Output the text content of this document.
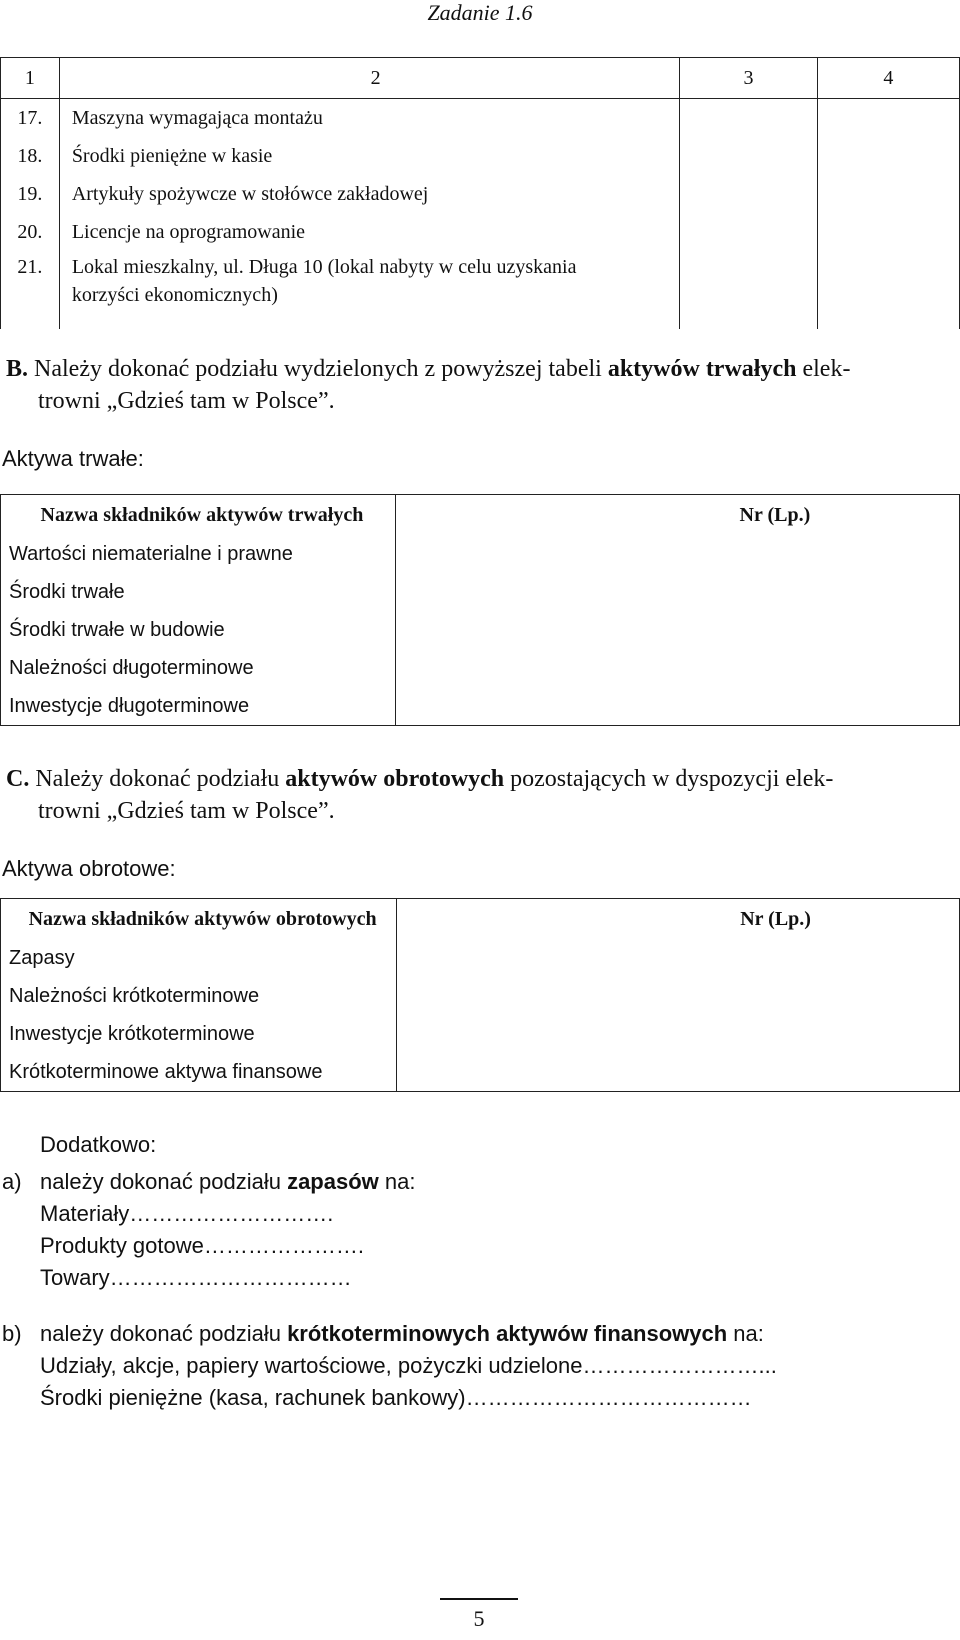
Zadanie 1.6
1	2	3	4
17.	Maszyna wymagająca montażu		
18.	Środki pieniężne w kasie		
19.	Artykuły spożywcze w stołówce zakładowej		
20.	Licencje na oprogramowanie		
21.	Lokal mieszkalny, ul. Długa 10 (lokal nabyty w celu uzyskania
korzyści ekonomicznych)		

B. Należy dokonać podziału wydzielonych z powyższej tabeli aktywów trwałych elek-
trowni „Gdzieś tam w Polsce”.
Aktywa trwałe:
Nazwa składników aktywów trwałych	Nr (Lp.)
Wartości niematerialne i prawne	
Środki trwałe	
Środki trwałe w budowie	
Należności długoterminowe	
Inwestycje długoterminowe	
C. Należy dokonać podziału aktywów obrotowych pozostających w dyspozycji elek-
trowni „Gdzieś tam w Polsce”.
Aktywa obrotowe:
Nazwa składników aktywów obrotowych	Nr (Lp.)
Zapasy	
Należności krótkoterminowe	
Inwestycje krótkoterminowe	
Krótkoterminowe aktywa finansowe	
Dodatkowo:
a) należy dokonać podziału zapasów na:
Materiały……………………….
Produkty gotowe………………….
Towary……………………………
b) należy dokonać podziału krótkoterminowych aktywów finansowych na:
Udziały, akcje, papiery wartościowe, pożyczki udzielone……………………...
Środki pieniężne (kasa, rachunek bankowy)…………………………………
5
